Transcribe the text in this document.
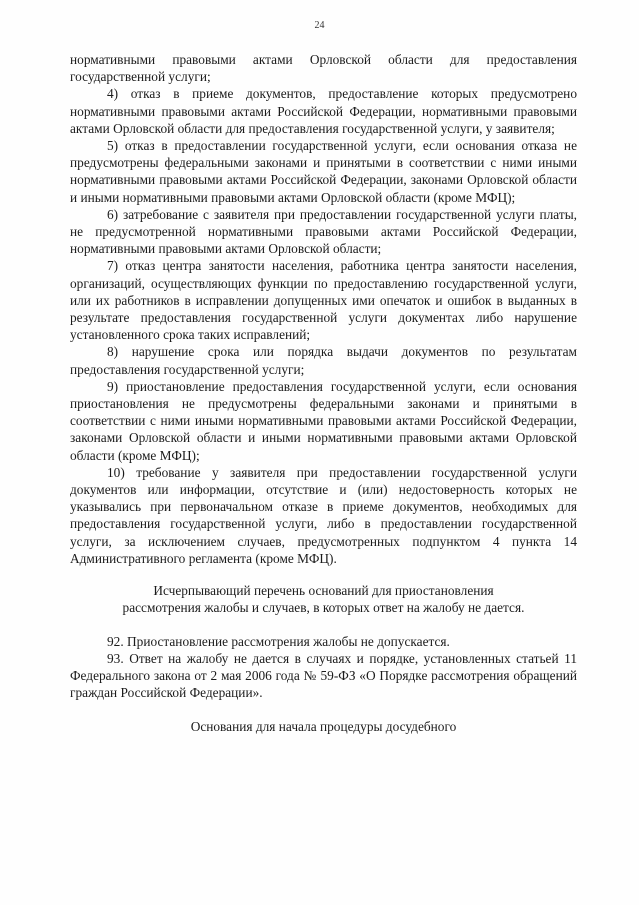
24

нормативными правовыми актами Орловской области для предоставления государственной услуги;

4) отказ в приеме документов, предоставление которых предусмотрено нормативными правовыми актами Российской Федерации, нормативными правовыми актами Орловской области для предоставления государственной услуги, у заявителя;

5) отказ в предоставлении государственной услуги, если основания отказа не предусмотрены федеральными законами и принятыми в соответствии с ними иными нормативными правовыми актами Российской Федерации, законами Орловской области и иными нормативными правовыми актами Орловской области (кроме МФЦ);

6) затребование с заявителя при предоставлении государственной услуги платы, не предусмотренной нормативными правовыми актами Российской Федерации, нормативными правовыми актами Орловской области;

7) отказ центра занятости населения, работника центра занятости населения, организаций, осуществляющих функции по предоставлению государственной услуги, или их работников в исправлении допущенных ими опечаток и ошибок в выданных в результате предоставления государственной услуги документах либо нарушение установленного срока таких исправлений;

8) нарушение срока или порядка выдачи документов по результатам предоставления государственной услуги;

9) приостановление предоставления государственной услуги, если основания приостановления не предусмотрены федеральными законами и принятыми в соответствии с ними иными нормативными правовыми актами Российской Федерации, законами Орловской области и иными нормативными правовыми актами Орловской области (кроме МФЦ);

10) требование у заявителя при предоставлении государственной услуги документов или информации, отсутствие и (или) недостоверность которых не указывались при первоначальном отказе в приеме документов, необходимых для предоставления государственной услуги, либо в предоставлении государственной услуги, за исключением случаев, предусмотренных подпунктом 4 пункта 14 Административного регламента (кроме МФЦ).

Исчерпывающий перечень оснований для приостановления

рассмотрения жалобы и случаев, в которых ответ на жалобу не дается.

92. Приостановление рассмотрения жалобы не допускается.

93. Ответ на жалобу не дается в случаях и порядке, установленных статьей 11 Федерального закона от 2 мая 2006 года № 59-ФЗ «О Порядке рассмотрения обращений граждан Российской Федерации».

Основания для начала процедуры досудебного
